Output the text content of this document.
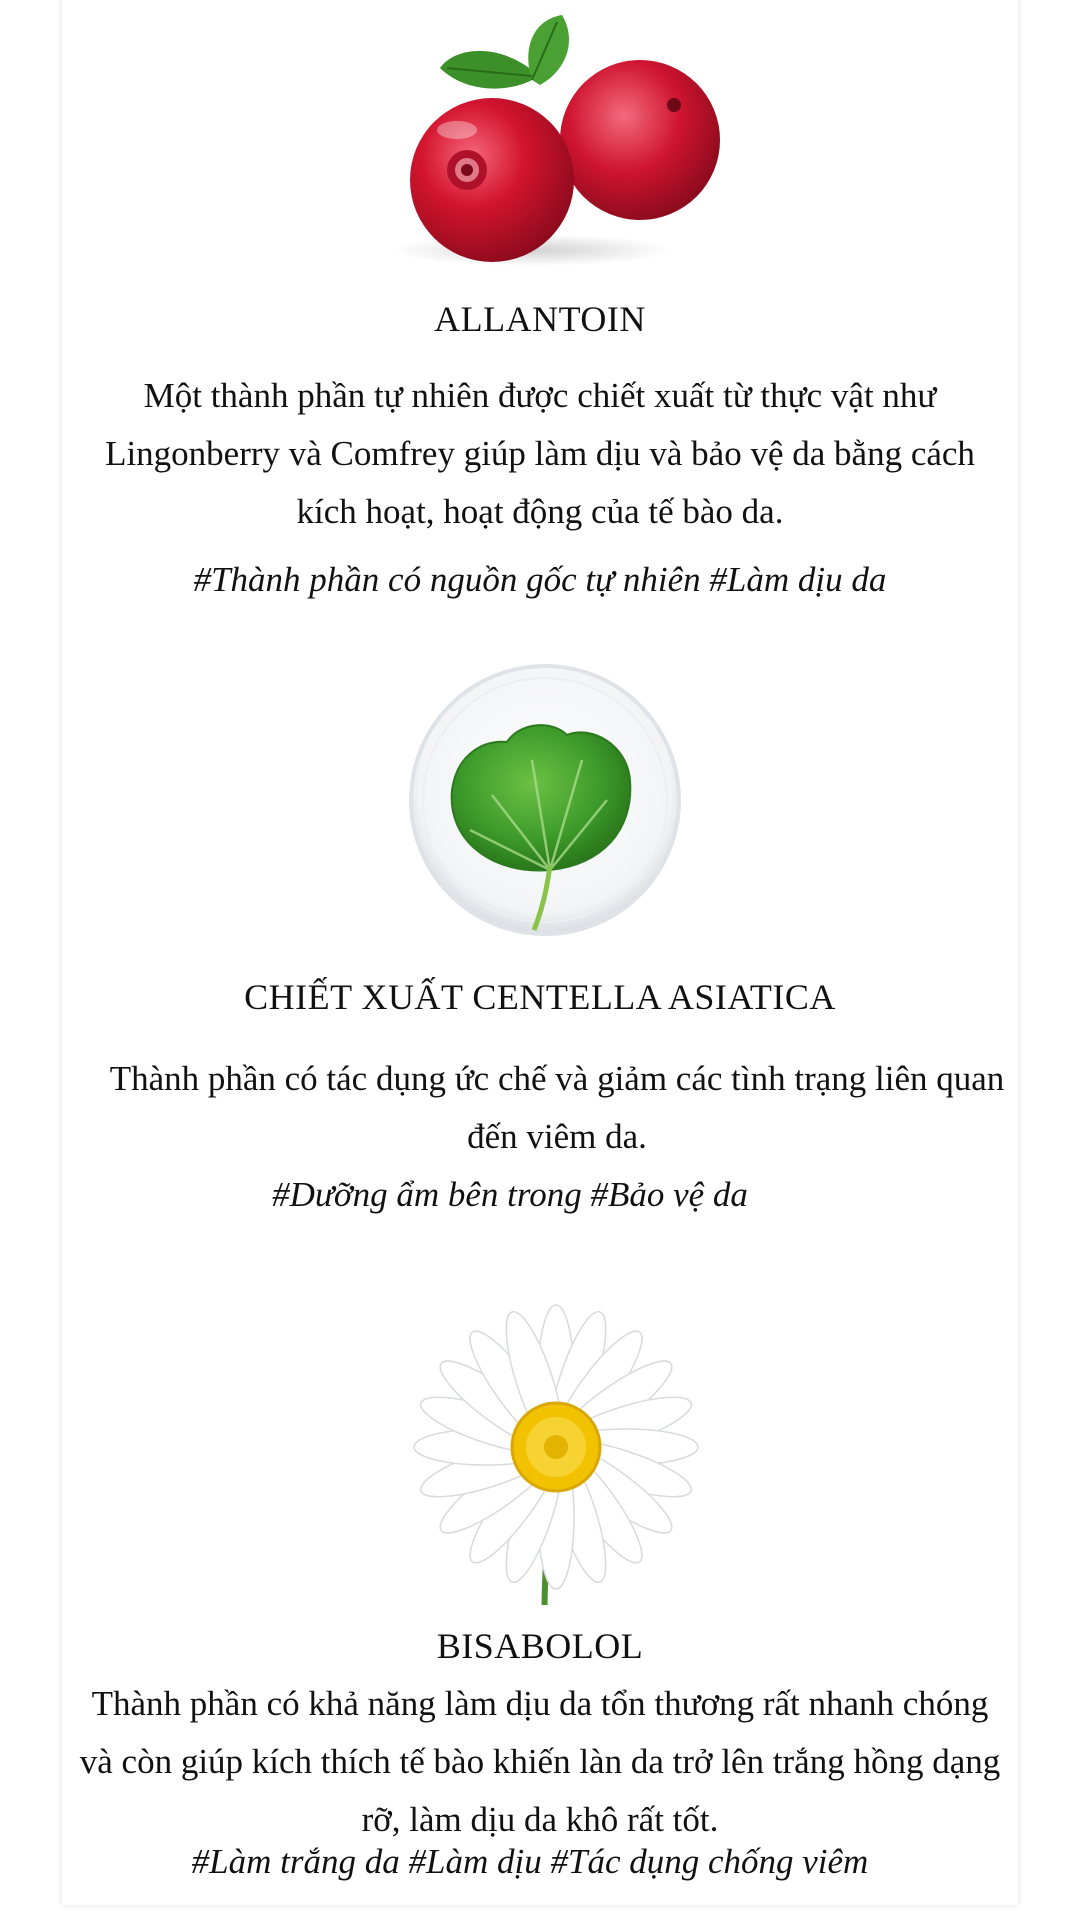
ALLANTOIN
Một thành phần tự nhiên được chiết xuất từ thực vật như Lingonberry và Comfrey giúp làm dịu và bảo vệ da bằng cách kích hoạt, hoạt động của tế bào da.
#Thành phần có nguồn gốc tự nhiên #Làm dịu da
CHIẾT XUẤT CENTELLA ASIATICA
Thành phần có tác dụng ức chế và giảm các tình trạng liên quan đến viêm da.
#Dưỡng ẩm bên trong #Bảo vệ da
BISABOLOL
Thành phần có khả năng làm dịu da tổn thương rất nhanh chóng và còn giúp kích thích tế bào khiến làn da trở lên trắng hồng dạng rỡ, làm dịu da khô rất tốt.
#Làm trắng da #Làm dịu #Tác dụng chống viêm
